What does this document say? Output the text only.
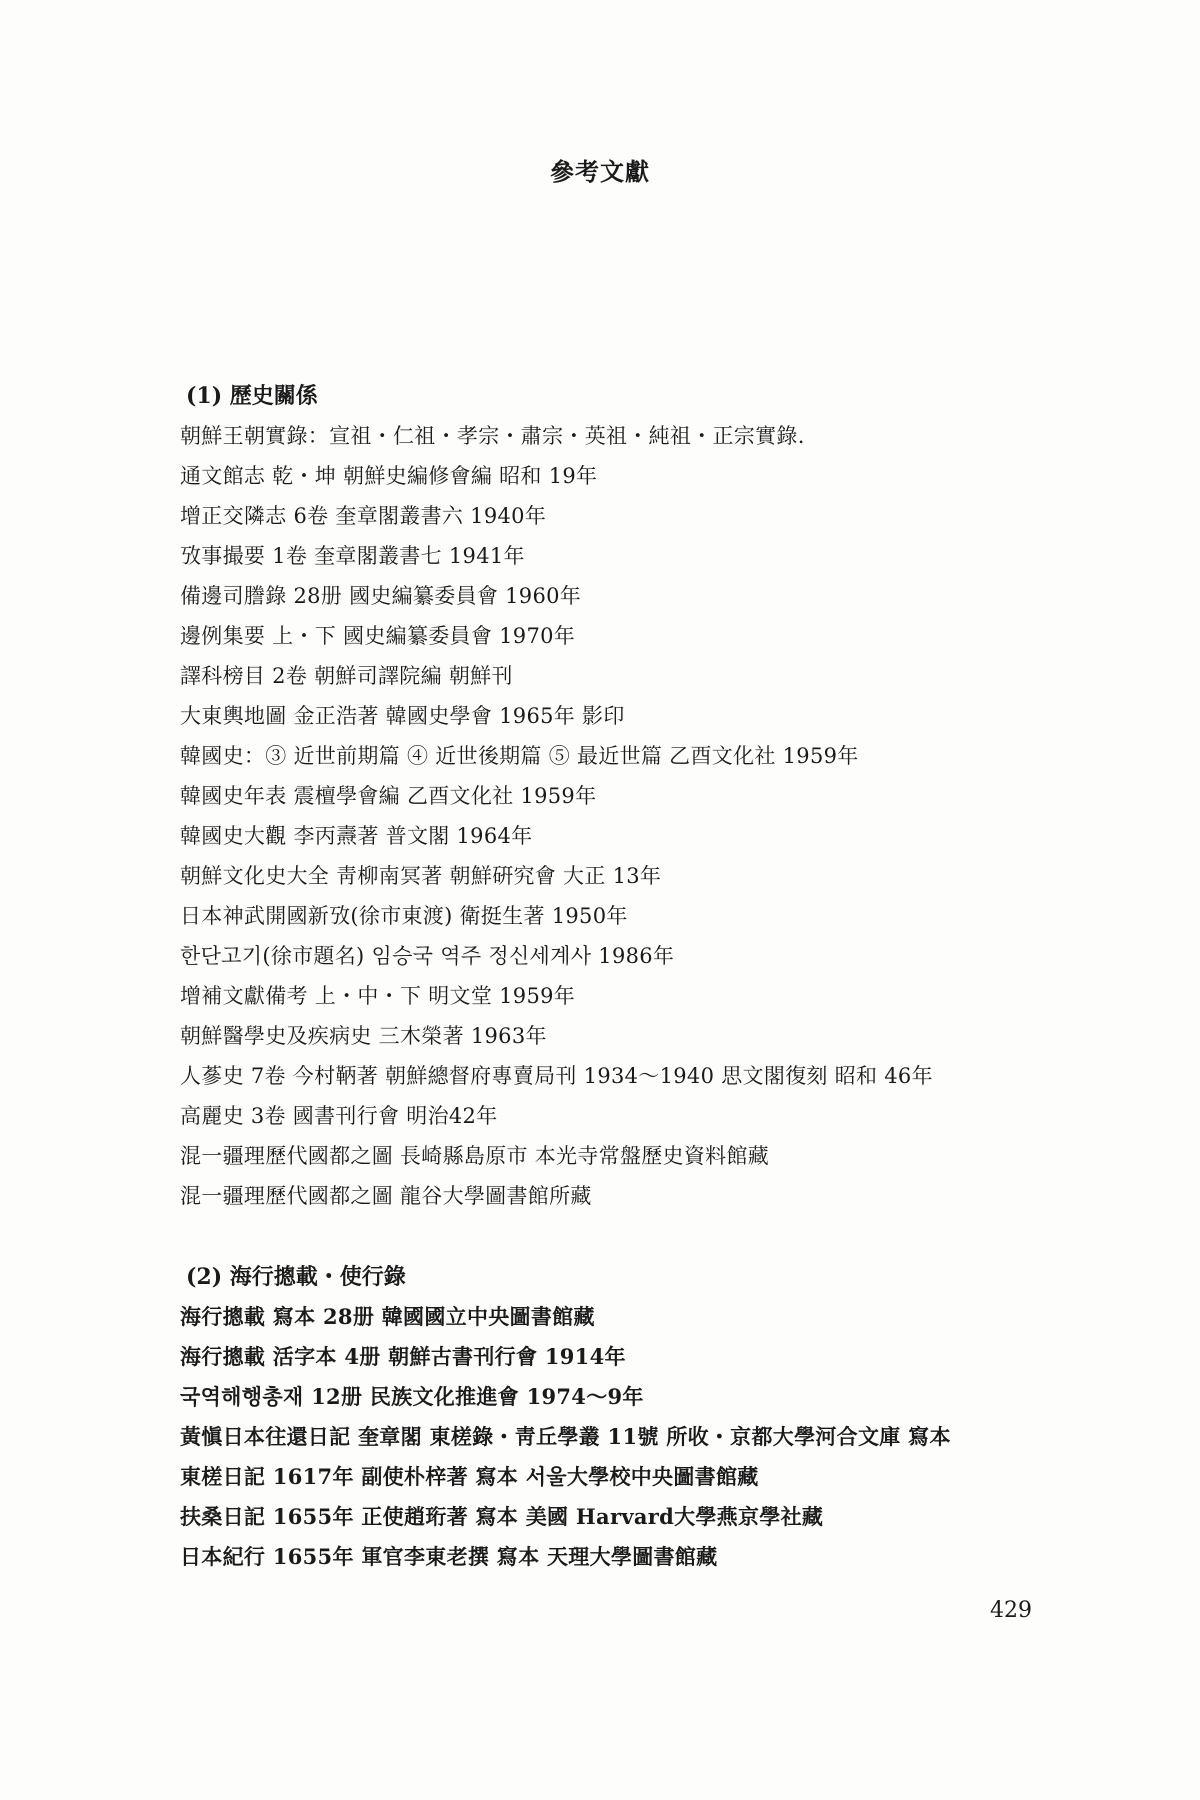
參考文獻
(1) 歷史關係
朝鮮王朝實錄：宣祖・仁祖・孝宗・肅宗・英祖・純祖・正宗實錄.
通文館志 乾・坤 朝鮮史編修會編 昭和 19年
增正交隣志 6卷 奎章閣叢書六 1940年
攷事撮要 1卷 奎章閣叢書七 1941年
備邊司謄錄 28册 國史編纂委員會 1960年
邊例集要 上・下 國史編纂委員會 1970年
譯科榜目 2卷 朝鮮司譯院編 朝鮮刊
大東輿地圖 金正浩著 韓國史學會 1965年 影印
韓國史：③ 近世前期篇 ④ 近世後期篇 ⑤ 最近世篇 乙酉文化社 1959年
韓國史年表 震檀學會編 乙酉文化社 1959年
韓國史大觀 李丙燾著 普文閣 1964年
朝鮮文化史大全 靑柳南冥著 朝鮮硏究會 大正 13年
日本神武開國新攷(徐市東渡) 衛挺生著 1950年
한단고기(徐市題名) 임승국 역주 정신세계사 1986年
增補文獻備考 上・中・下 明文堂 1959年
朝鮮醫學史及疾病史 三木榮著 1963年
人蔘史 7卷 今村鞆著 朝鮮總督府專賣局刊 1934〜1940 思文閣復刻 昭和 46年
高麗史 3卷 國書刊行會 明治42年
混一疆理歷代國都之圖 長崎縣島原市 本光寺常盤歷史資料館藏
混一疆理歷代國都之圖 龍谷大學圖書館所藏
(2) 海行摠載・使行錄
海行摠載 寫本 28册 韓國國立中央圖書館藏
海行摠載 活字本 4册 朝鮮古書刊行會 1914年
국역해행총재 12册 民族文化推進會 1974〜9年
黃愼日本往還日記 奎章閣 東槎錄・靑丘學叢 11號 所收・京都大學河合文庫 寫本
東槎日記 1617年 副使朴梓著 寫本 서울大學校中央圖書館藏
扶桑日記 1655年 正使趙珩著 寫本 美國 Harvard大學燕京學社藏
日本紀行 1655年 軍官李東老撰 寫本 天理大學圖書館藏
429
